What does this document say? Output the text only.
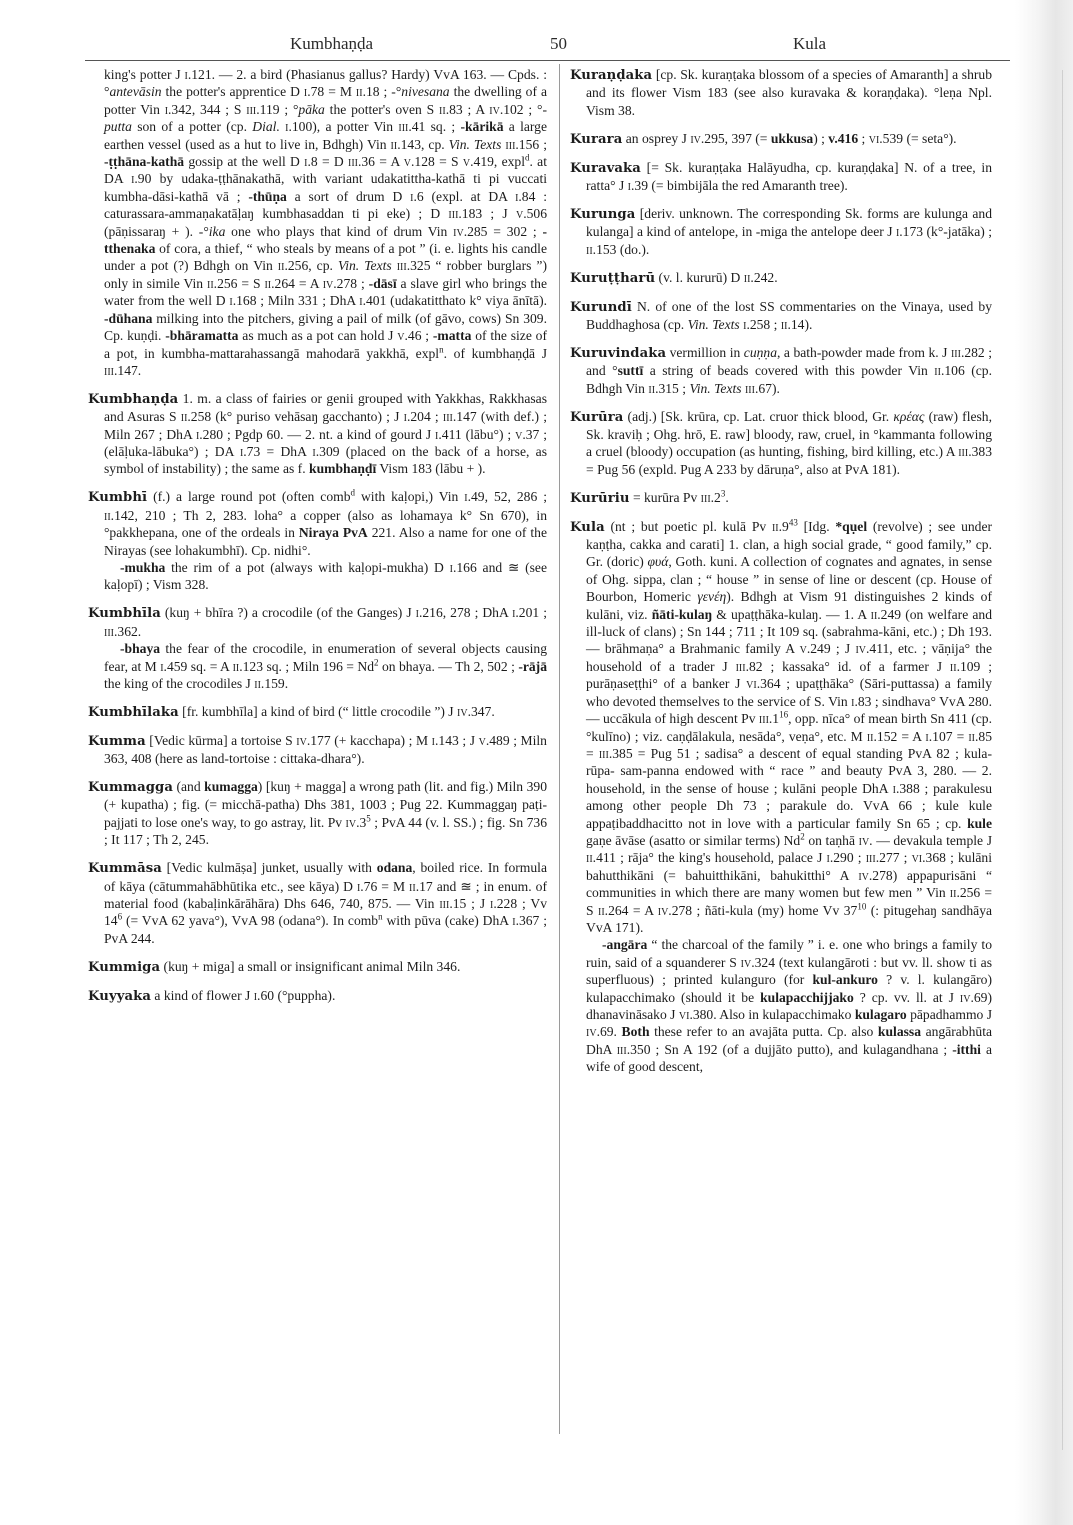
Kumbhaṇḍa	50	Kula
king's potter J i.121. — 2. a bird (Phasianus gallus? Hardy) VvA 163. — Cpds. : °antevāsin the potter's apprentice D i.78 = M ii.18 ; -°nivesana the dwelling of a potter Vin i.342, 344 ; S iii.119 ; °pāka the potter's oven S ii.83 ; A iv.102 ; °-putta son of a potter (cp. Dial. i.100), a potter Vin iii.41 sq. ; -kārikā a large earthen vessel (used as a hut to live in, Bdhgh) Vin ii.143, cp. Vin. Texts iii.156 ; -ṭṭhāna-kathā gossip at the well D i.8 = D iii.36 = A v.128 = S v.419, expl$^d$. at DA i.90 by udaka-ṭṭhānakathā, with variant udakatittha-kathā ti pi vuccati kumbha-dāsi-kathā vā ; -thūṇa a sort of drum D i.6 (expl. at DA i.84 : caturassara-ammaṇakatāḷaŋ kumbhasaddan ti pi eke) ; D iii.183 ; J v.506 (pāṇissaraŋ + ). -°ika one who plays that kind of drum Vin iv.285 = 302 ; -tthenaka of cora, a thief, “ who steals by means of a pot ” (i. e. lights his candle under a pot (?) Bdhgh on Vin ii.256, cp. Vin. Texts iii.325 “ robber burglars ”) only in simile Vin ii.256 = S ii.264 = A iv.278 ; -dāsī a slave girl who brings the water from the well D i.168 ; Miln 331 ; DhA i.401 (udakatitthato k° viya ānītā). -dūhana milking into the pitchers, giving a pail of milk (of gāvo, cows) Sn 309. Cp. kuṇḍi. -bhāramatta as much as a pot can hold J v.46 ; -matta of the size of a pot, in kumbha-mattarahassangā mahodarā yakkhā, expl$^n$. of kumbhaṇḍā J iii.147.
Kumbhaṇḍa 1. m. a class of fairies or genii grouped with Yakkhas, Rakkhasas and Asuras S ii.258 (k° puriso vehāsaŋ gacchanto) ; J i.204 ; iii.147 (with def.) ; Miln 267 ; DhA i.280 ; Pgdp 60. — 2. nt. a kind of gourd J i.411 (lābu°) ; v.37 ; (elāḷuka-lābuka°) ; DA i.73 = DhA i.309 (placed on the back of a horse, as symbol of instability) ; the same as f. kumbhaṇḍī Vism 183 (lābu + ).
Kumbhī (f.) a large round pot (often comb$^d$ with kaḷopi,) Vin i.49, 52, 286 ; ii.142, 210 ; Th 2, 283. loha° a copper (also as lohamaya k° Sn 670), in °pakkhepana, one of the ordeals in Niraya PvA 221. Also a name for one of the Nirayas (see lohakumbhī). Cp. nidhi°.
-mukha the rim of a pot (always with kaḷopi-mukha) D i.166 and ≊ (see kaḷopī) ; Vism 328.
Kumbhīla (kuŋ + bhīra ?) a crocodile (of the Ganges) J i.216, 278 ; DhA i.201 ; iii.362.
-bhaya the fear of the crocodile, in enumeration of several objects causing fear, at M i.459 sq. = A ii.123 sq. ; Miln $196 = Nd^2$ on bhaya. — Th 2, 502 ; -rājā the king of the crocodiles J ii.159.
Kumbhīlaka [fr. kumbhīla] a kind of bird (“ little crocodile ”) J iv.347.
Kumma [Vedic kūrma] a tortoise S iv.177 (+ kacchapa) ; M i.143 ; J v.489 ; Miln 363, 408 (here as land-tortoise : cittaka-dhara°).
Kummagga (and kumagga) [kuŋ + magga] a wrong path (lit. and fig.) Miln 390 (+ kupatha) ; fig. (= micchā-patha) Dhs 381, 1003 ; Pug 22. Kummaggaŋ paṭi-pajjati to lose one's way, to go astray, lit. Pv $iv.3^5$ ; PvA 44 (v. l. SS.) ; fig. Sn 736 ; It 117 ; Th 2, 245.
Kummāsa [Vedic kulmāṣa] junket, usually with odana, boiled rice. In formula of kāya (cātummahābhūtika etc., see kāya) D i.76 = M ii.17 and ≊ ; in enum. of material food (kabaḷinkārāhāra) Dhs 646, 740, 875. — Vin iii.15 ; J i.228 ; Vv $14^6$ (= VvA 62 yava°), VvA 98 (odana°). In comb$^n$ with pūva (cake) DhA i.367 ; PvA 244.
Kummiga (kuŋ + miga] a small or insignificant animal Miln 346.
Kuyyaka a kind of flower J i.60 (°puppha).
Kuraṇḍaka [cp. Sk. kuraṇṭaka blossom of a species of Amaranth] a shrub and its flower Vism 183 (see also kuravaka & koraṇḍaka). °leṇa Npl. Vism 38.
Kurara an osprey J iv.295, 397 (= ukkusa) ; v.416 ; vi.539 (= seta°).
Kuravaka [= Sk. kuraṇṭaka Halāyudha, cp. kuraṇḍaka] N. of a tree, in ratta° J i.39 (= bimbijāla the red Amaranth tree).
Kurunga [deriv. unknown. The corresponding Sk. forms are kulunga and kulanga] a kind of antelope, in -miga the antelope deer J i.173 (k°-jatāka) ; ii.153 (do.).
Kuruṭṭharū (v. l. kururū) D ii.242.
Kurundī N. of one of the lost SS commentaries on the Vinaya, used by Buddhaghosa (cp. Vin. Texts i.258 ; ii.14).
Kuruvindaka vermillion in cuṇṇa, a bath-powder made from k. J iii.282 ; and °suttī a string of beads covered with this powder Vin ii.106 (cp. Bdhgh Vin ii.315 ; Vin. Texts iii.67).
Kurūra (adj.) [Sk. krūra, cp. Lat. cruor thick blood, Gr. κρέας (raw) flesh, Sk. kraviḥ ; Ohg. hrō, E. raw] bloody, raw, cruel, in °kammanta following a cruel (bloody) occupation (as hunting, fishing, bird killing, etc.) A iii.383 = Pug 56 (expld. Pug A 233 by dāruṇa°, also at PvA 181).
Kurūriu = kurūra Pv $iii.2^3$.
Kula (nt ; but poetic pl. kulā Pv $ii.9^{43}$ [Idg. *qụel (revolve) ; see under kaṇṭha, cakka and carati] 1. clan, a high social grade, “ good family,” cp. Gr. (doric) φυά, Goth. kuni. A collection of cognates and agnates, in sense of Ohg. sippa, clan ; “ house ” in sense of line or descent (cp. House of Bourbon, Homeric γενέη). Bdhgh at Vism 91 distinguishes 2 kinds of kulāni, viz. ñāti-kulaŋ & upaṭṭhāka-kulaŋ. — 1. A ii.249 (on welfare and ill-luck of clans) ; Sn 144 ; 711 ; It 109 sq. (sabrahma-kāni, etc.) ; Dh 193. — brāhmaṇa° a Brahmanic family A v.249 ; J iv.411, etc. ; vāṇija° the household of a trader J iii.82 ; kassaka° id. of a farmer J ii.109 ; purāṇaseṭṭhi° of a banker J vi.364 ; upaṭṭhāka° (Sāri-puttassa) a family who devoted themselves to the service of S. Vin i.83 ; sindhava° VvA 280. — uccākula of high descent Pv $iii.1^{16}$, opp. nīca° of mean birth Sn 411 (cp. °kulīno) ; viz. caṇḍālakula, nesāda°, veṇa°, etc. M ii.152 = A i.107 = ii.85 = iii.385 = Pug 51 ; sadisa° a descent of equal standing PvA 82 ; kula-rūpa- sam-panna endowed with “ race ” and beauty PvA 3, 280. — 2. household, in the sense of house ; kulāni people DhA i.388 ; parakulesu among other people Dh 73 ; parakule do. VvA 66 ; kule kule appaṭibaddhacitto not in love with a particular family Sn 65 ; cp. kule gaṇe āvāse (asatto or similar terms) Nd$^2$ on taṇhā iv. — devakula temple J ii.411 ; rāja° the king's household, palace J i.290 ; iii.277 ; vi.368 ; kulāni bahutthikāni (= bahuitthikāni, bahukitthi° A iv.278) appapurisāni “ communities in which there are many women but few men ” Vin ii.256 = S ii.264 = A iv.278 ; ñāti-kula (my) home Vv $37^{10}$ (: pitugehaŋ sandhāya VvA 171).
-angāra “ the charcoal of the family ” i. e. one who brings a family to ruin, said of a squanderer S iv.324 (text kulangāroti : but vv. ll. show ti as superfluous) ; printed kulanguro (for kul-ankuro ? v. l. kulangāro) kulapacchimako (should it be kulapacchijjako ? cp. vv. ll. at J iv.69) dhanavināsako J vi.380. Also in kulapacchimako kulagaro pāpadhammo J iv.69. Both these refer to an avajāta putta. Cp. also kulassa angārabhūta DhA iii.350 ; Sn A 192 (of a dujjāto putto), and kulagandhana ; -itthi a wife of good descent,
